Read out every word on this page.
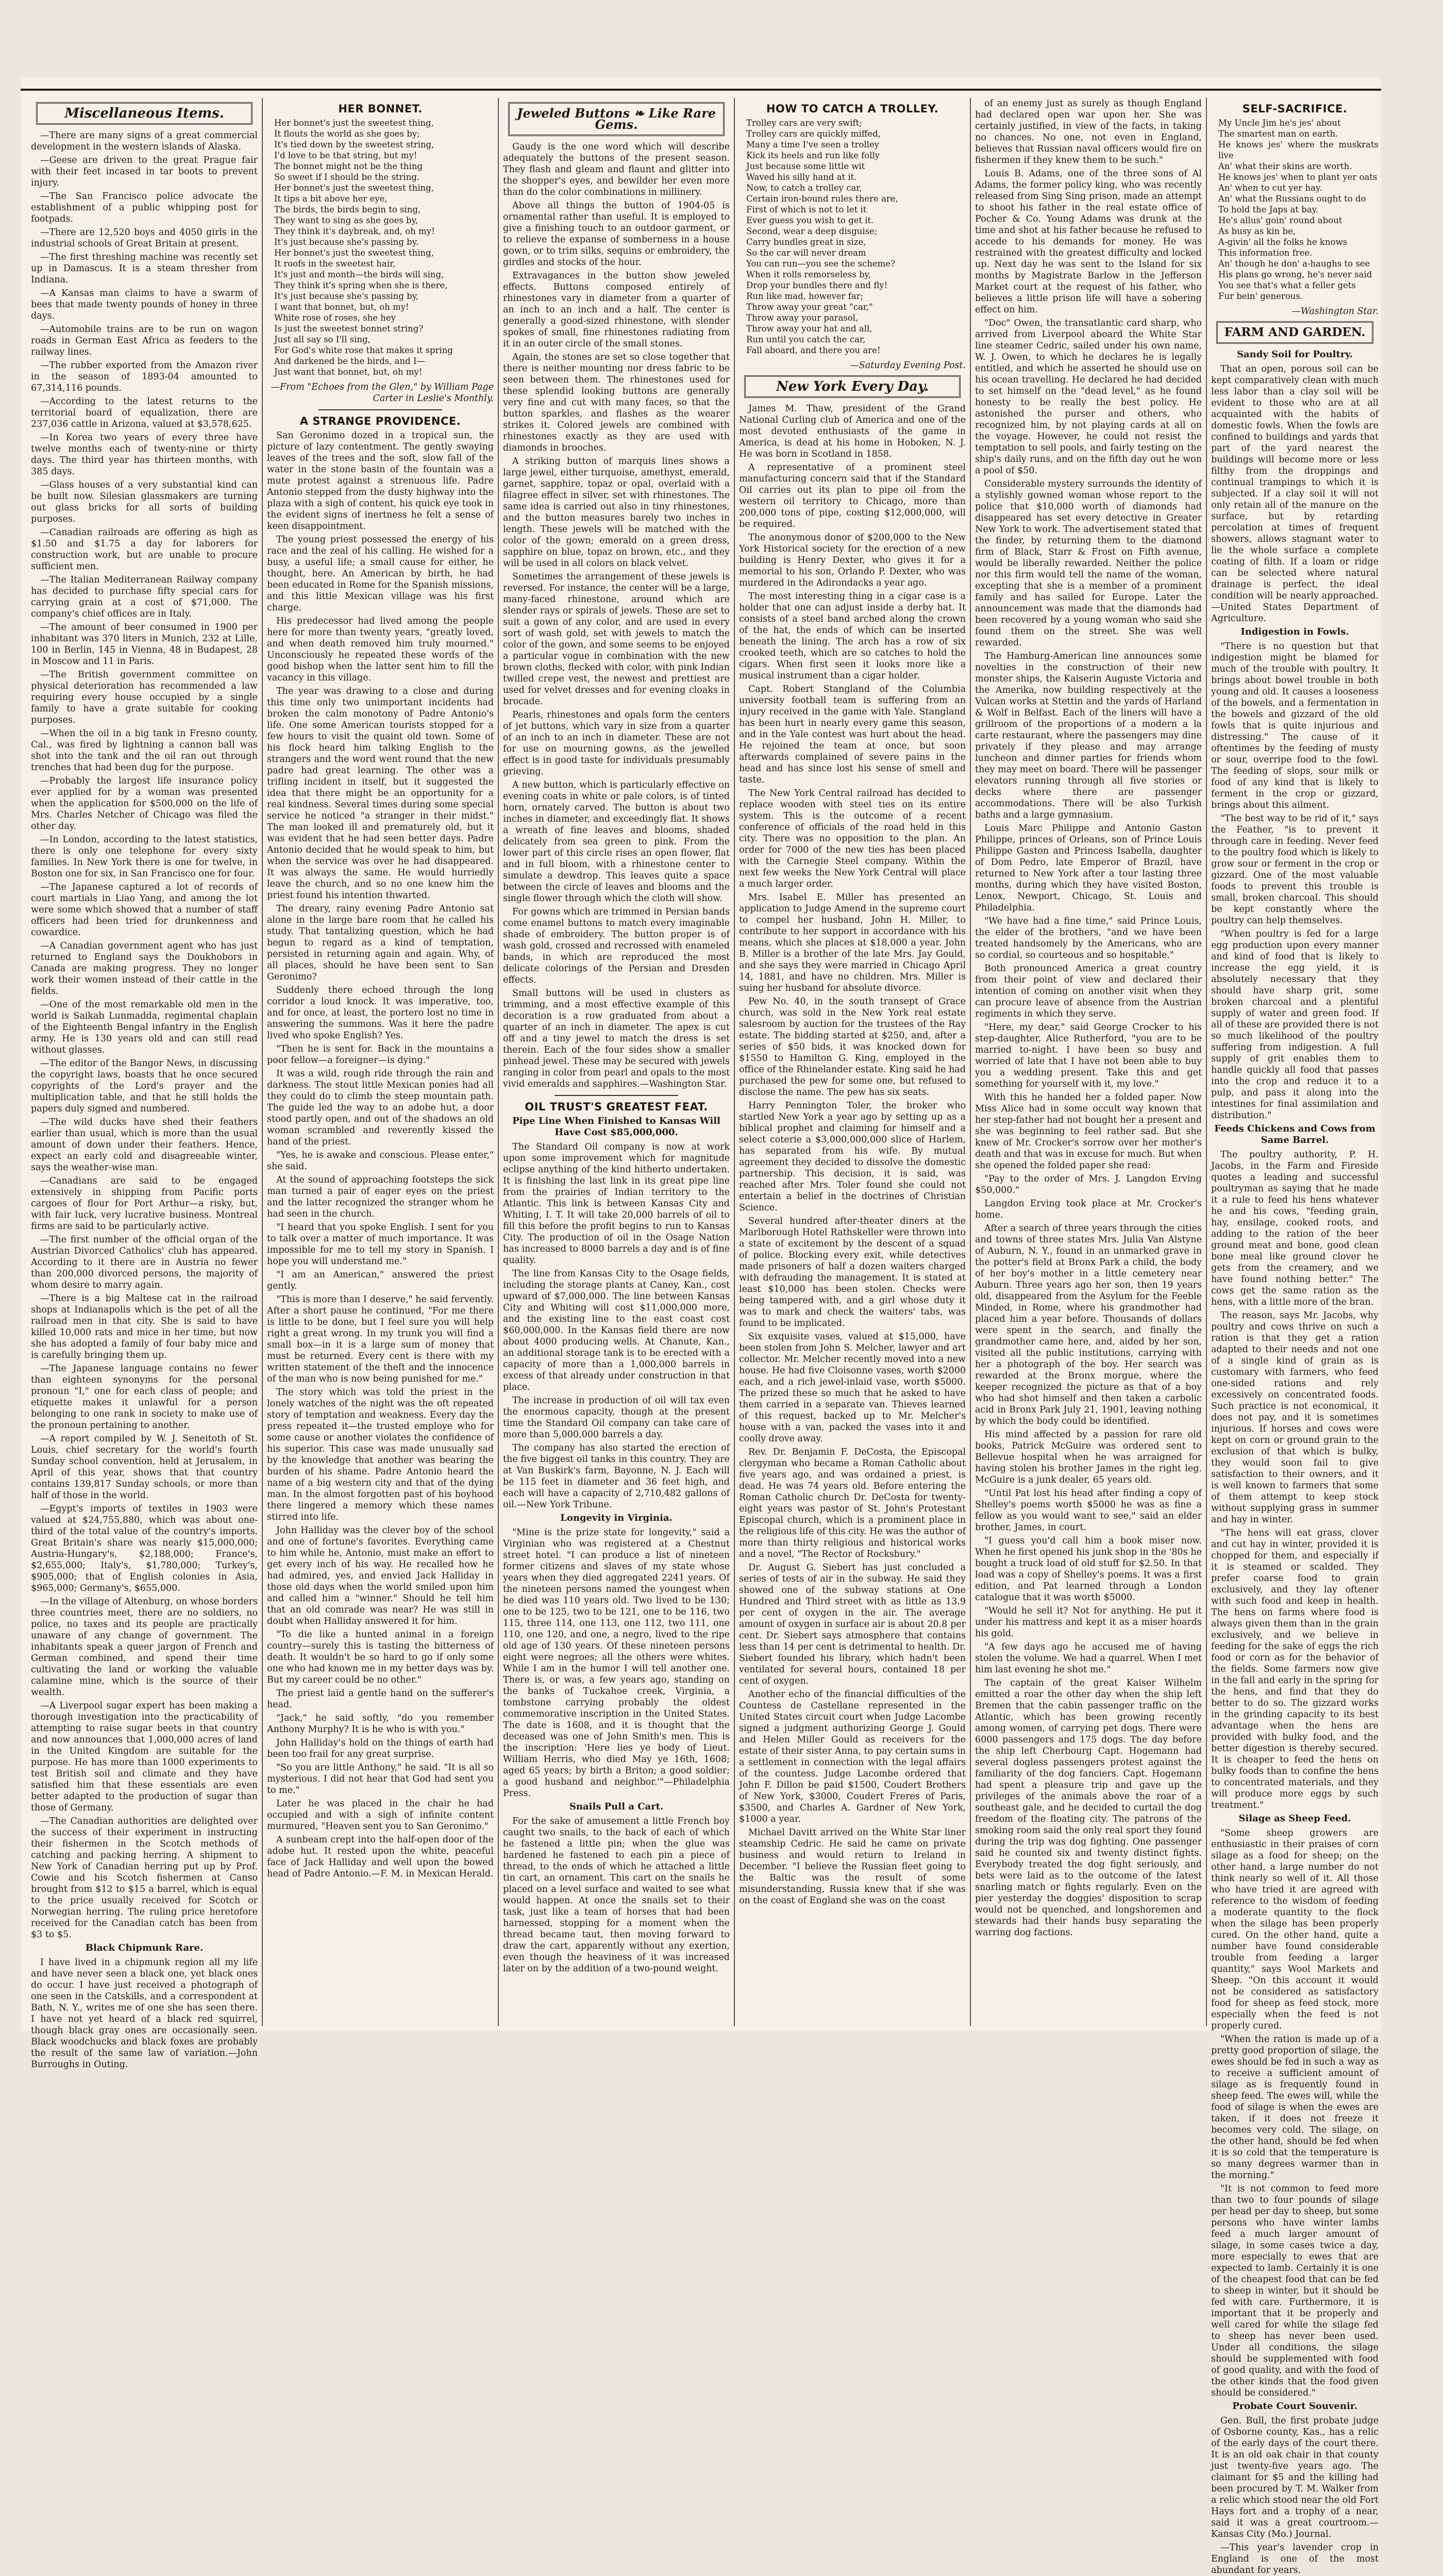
Miscellaneous Items.

—There are many signs of a great commercial development in the western islands of Alaska.

—Geese are driven to the great Prague fair with their feet incased in tar boots to prevent injury.

—The San Francisco police advocate the establishment of a public whipping post for footpads.

—There are 12,520 boys and 4050 girls in the industrial schools of Great Britain at present.

—The first threshing machine was recently set up in Damascus. It is a steam thresher from Indiana.

—A Kansas man claims to have a swarm of bees that made twenty pounds of honey in three days.

—Automobile trains are to be run on wagon roads in German East Africa as feeders to the railway lines.

—The rubber exported from the Amazon river in the season of 1893-04 amounted to 67,314,116 pounds.

—According to the latest returns to the territorial board of equalization, there are 237,036 cattle in Arizona, valued at $3,578,625.

—In Korea two years of every three have twelve months each of twenty-nine or thirty days. The third year has thirteen months, with 385 days.

—Glass houses of a very substantial kind can be built now. Silesian glassmakers are turning out glass bricks for all sorts of building purposes.

—Canadian railroads are offering as high as $1.50 and $1.75 a day for laborers for construction work, but are unable to procure sufficient men.

—The Italian Mediterranean Railway company has decided to purchase fifty special cars for carrying grain at a cost of $71,000. The company's chief offices are in Italy.

—The amount of beer consumed in 1900 per inhabitant was 370 liters in Munich, 232 at Lille, 100 in Berlin, 145 in Vienna, 48 in Budapest, 28 in Moscow and 11 in Paris.

—The British government committee on physical deterioration has recommended a law requiring every house occupied by a single family to have a grate suitable for cooking purposes.

—When the oil in a big tank in Fresno county, Cal., was fired by lightning a cannon ball was shot into the tank and the oil ran out through trenches that had been dug for the purpose.

—Probably the largest life insurance policy ever applied for by a woman was presented when the application for $500,000 on the life of Mrs. Charles Netcher of Chicago was filed the other day.

—In London, according to the latest statistics, there is only one telephone for every sixty families. In New York there is one for twelve, in Boston one for six, in San Francisco one for four.

—The Japanese captured a lot of records of court martials in Liao Yang, and among the lot were some which showed that a number of staff officers had been tried for drunkenness and cowardice.

—A Canadian government agent who has just returned to England says the Doukhobors in Canada are making progress. They no longer work their women instead of their cattle in the fields.

—One of the most remarkable old men in the world is Saikab Lunmadda, regimental chaplain of the Eighteenth Bengal infantry in the English army. He is 130 years old and can still read without glasses.

—The editor of the Bangor News, in discussing the copyright laws, boasts that he once secured copyrights of the Lord's prayer and the multiplication table, and that he still holds the papers duly signed and numbered.

—The wild ducks have shed their feathers earlier than usual, which is more than the usual amount of down under their feathers. Hence, expect an early cold and disagreeable winter, says the weather-wise man.

—Canadians are said to be engaged extensively in shipping from Pacific ports cargoes of flour for Port Arthur—a risky, but, with fair luck, very lucrative business. Montreal firms are said to be particularly active.

—The first number of the official organ of the Austrian Divorced Catholics' club has appeared. According to it there are in Austria no fewer than 200,000 divorced persons, the majority of whom desire to marry again.

—There is a big Maltese cat in the railroad shops at Indianapolis which is the pet of all the railroad men in that city. She is said to have killed 10,000 rats and mice in her time, but now she has adopted a family of four baby mice and is carefully bringing them up.

—The Japanese language contains no fewer than eighteen synonyms for the personal pronoun "I," one for each class of people; and etiquette makes it unlawful for a person belonging to one rank in society to make use of the pronoun pertaining to another.

—A report compiled by W. J. Seneitoth of St. Louis, chief secretary for the world's fourth Sunday school convention, held at Jerusalem, in April of this year, shows that that country contains 139,817 Sunday schools, or more than half of those in the world.

—Egypt's imports of textiles in 1903 were valued at $24,755,880, which was about one-third of the total value of the country's imports. Great Britain's share was nearly $15,000,000; Austria-Hungary's, $2,188,000; France's, $2,655,000; Italy's, $1,780,000; Turkey's, $905,000; that of English colonies in Asia, $965,000; Germany's, $655,000.

—In the village of Altenburg, on whose borders three countries meet, there are no soldiers, no police, no taxes and its people are practically unaware of any change of government. The inhabitants speak a queer jargon of French and German combined, and spend their time cultivating the land or working the valuable calamine mine, which is the source of their wealth.

—A Liverpool sugar expert has been making a thorough investigation into the practicability of attempting to raise sugar beets in that country and now announces that 1,000,000 acres of land in the United Kingdom are suitable for the purpose. He has more than 1000 experiments to test British soil and climate and they have satisfied him that these essentials are even better adapted to the production of sugar than those of Germany.

—The Canadian authorities are delighted over the success of their experiment in instructing their fishermen in the Scotch methods of catching and packing herring. A shipment to New York of Canadian herring put up by Prof. Cowie and his Scotch fishermen at Canso brought from $12 to $15 a barrel, which is equal to the price usually received for Scotch or Norwegian herring. The ruling price heretofore received for the Canadian catch has been from $3 to $5.

Black Chipmunk Rare.

I have lived in a chipmunk region all my life and have never seen a black one, yet black ones do occur. I have just received a photograph of one seen in the Catskills, and a correspondent at Bath, N. Y., writes me of one she has seen there. I have not yet heard of a black red squirrel, though black gray ones are occasionally seen. Black woodchucks and black foxes are probably the result of the same law of variation.—John Burroughs in Outing.

HER BONNET.
Her bonnet's just the sweetest thing,
It flouts the world as she goes by;
It's tied down by the sweetest string,
I'd love to be that string, but my!
The bonnet might not be the thing
So sweet if I should be the string.
Her bonnet's just the sweetest thing,
It tips a bit above her eye,
The birds, the birds begin to sing,
They want to sing as she goes by,
They think it's daybreak, and, oh my!
It's just because she's passing by.
Her bonnet's just the sweetest thing,
It roofs in the sweetest hair,
It's just and month—the birds will sing,
They think it's spring when she is there,
It's just because she's passing by,
I want that bonnet, but, oh my!
White rose of roses, she hey
Is just the sweetest bonnet string?
Just all say so I'll sing,
For God's white rose that makes it spring
And darkened be the birds, and I—
Just want that bonnet, but, oh my!
—From "Echoes from the Glen," by William Page Carter in Leslie's Monthly.
A STRANGE PROVIDENCE.

San Geronimo dozed in a tropical sun, the picture of lazy contentment. The gently swaying leaves of the trees and the soft, slow fall of the water in the stone basin of the fountain was a mute protest against a strenuous life. Padre Antonio stepped from the dusty highway into the plaza with a sigh of content, his quick eye took in the evident signs of inertness he felt a sense of keen disappointment.

The young priest possessed the energy of his race and the zeal of his calling. He wished for a busy, a useful life; a small cause for either, he thought, here. An American by birth, he had been educated in Rome for the Spanish missions, and this little Mexican village was his first charge.

His predecessor had lived among the people here for more than twenty years, "greatly loved, and when death removed him truly mourned." Unconsciously he repeated these words of the good bishop when the latter sent him to fill the vacancy in this village.

The year was drawing to a close and during this time only two unimportant incidents had broken the calm monotony of Padre Antonio's life. One some American tourists stopped for a few hours to visit the quaint old town. Some of his flock heard him talking English to the strangers and the word went round that the new padre had great learning. The other was a trifling incident in itself, but it suggested the idea that there might be an opportunity for a real kindness. Several times during some special service he noticed "a stranger in their midst." The man looked ill and prematurely old, but it was evident that he had seen better days. Padre Antonio decided that he would speak to him, but when the service was over he had disappeared. It was always the same. He would hurriedly leave the church, and so no one knew him the priest found his intention thwarted.

The dreary, rainy evening Padre Antonio sat alone in the large bare room that he called his study. That tantalizing question, which he had begun to regard as a kind of temptation, persisted in returning again and again. Why, of all places, should he have been sent to San Geronimo?

Suddenly there echoed through the long corridor a loud knock. It was imperative, too, and for once, at least, the portero lost no time in answering the summons. Was it here the padre lived who spoke English? Yes.

"Then he is sent for. Back in the mountains a poor fellow—a foreigner—is dying."

It was a wild, rough ride through the rain and darkness. The stout little Mexican ponies had all they could do to climb the steep mountain path. The guide led the way to an adobe hut, a door stood partly open, and out of the shadows an old woman scrambled and reverently kissed the hand of the priest.

"Yes, he is awake and conscious. Please enter," she said.

At the sound of approaching footsteps the sick man turned a pair of eager eyes on the priest and the latter recognized the stranger whom he had seen in the church.

"I heard that you spoke English. I sent for you to talk over a matter of much importance. It was impossible for me to tell my story in Spanish. I hope you will understand me."

"I am an American," answered the priest gently.

"This is more than I deserve," he said fervently. After a short pause he continued, "For me there is little to be done, but I feel sure you will help right a great wrong. In my trunk you will find a small box—in it is a large sum of money that must be returned. Every cent is there with my written statement of the theft and the innocence of the man who is now being punished for me."

The story which was told the priest in the lonely watches of the night was the oft repeated story of temptation and weakness. Every day the press repeated it—the trusted employe who for some cause or another violates the confidence of his superior. This case was made unusually sad by the knowledge that another was bearing the burden of his shame. Padre Antonio heard the name of a big western city and that of the dying man. In the almost forgotten past of his boyhood there lingered a memory which these names stirred into life.

John Halliday was the clever boy of the school and one of fortune's favorites. Everything came to him while he, Antonio, must make an effort to get every inch of his way. He recalled how he had admired, yes, and envied Jack Halliday in those old days when the world smiled upon him and called him a "winner." Should he tell him that an old comrade was near? He was still in doubt when Halliday answered it for him.

"To die like a hunted animal in a foreign country—surely this is tasting the bitterness of death. It wouldn't be so hard to go if only some one who had known me in my better days was by. But my career could be no other."

The priest laid a gentle hand on the sufferer's head.

"Jack," he said softly, "do you remember Anthony Murphy? It is he who is with you."

John Halliday's hold on the things of earth had been too frail for any great surprise.

"So you are little Anthony," he said. "It is all so mysterious. I did not hear that God had sent you to me."

Later he was placed in the chair he had occupied and with a sigh of infinite content murmured, "Heaven sent you to San Geronimo."

A sunbeam crept into the half-open door of the adobe hut. It rested upon the white, peaceful face of Jack Halliday and well upon the bowed head of Padre Antonio.—F. M. in Mexican Herald.

Jeweled Buttons ❧ Like Rare Gems.

Gaudy is the one word which will describe adequately the buttons of the present season. They flash and gleam and flaunt and glitter into the shopper's eyes, and bewilder her even more than do the color combinations in millinery.

Above all things the button of 1904-05 is ornamental rather than useful. It is employed to give a finishing touch to an outdoor garment, or to relieve the expanse of somberness in a house gown, or to trim silks, sequins or embroidery, the girdles and stocks of the hour.

Extravagances in the button show jeweled effects. Buttons composed entirely of rhinestones vary in diameter from a quarter of an inch to an inch and a half. The center is generally a good-sized rhinestone, with slender spokes of small, fine rhinestones radiating from it in an outer circle of the small stones.

Again, the stones are set so close together that there is neither mounting nor dress fabric to be seen between them. The rhinestones used for these splendid looking buttons are generally very fine and cut with many faces, so that the button sparkles, and flashes as the wearer strikes it. Colored jewels are combined with rhinestones exactly as they are used with diamonds in brooches.

A striking button of marquis lines shows a large jewel, either turquoise, amethyst, emerald, garnet, sapphire, topaz or opal, overlaid with a filagree effect in silver, set with rhinestones. The same idea is carried out also in tiny rhinestones, and the button measures barely two inches in length. These jewels will be matched with the color of the gown; emerald on a green dress, sapphire on blue, topaz on brown, etc., and they will be used in all colors on black velvet.

Sometimes the arrangement of these jewels is reversed. For instance, the center will be a large, many-faced rhinestone, around which are slender rays or spirals of jewels. These are set to suit a gown of any color, and are used in every sort of wash gold, set with jewels to match the color of the gown, and some seems to be enjoyed a particular vogue in combination with the new brown cloths, flecked with color, with pink Indian twilled crepe vest, the newest and prettiest are used for velvet dresses and for evening cloaks in brocade.

Pearls, rhinestones and opals form the centers of jet buttons, which vary in size from a quarter of an inch to an inch in diameter. These are not for use on mourning gowns, as the jewelled effect is in good taste for individuals presumably grieving.

A new button, which is particularly effective on evening coats in white or pale colors, is of tinted horn, ornately carved. The button is about two inches in diameter, and exceedingly flat. It shows a wreath of fine leaves and blooms, shaded delicately from sea green to pink. From the lower part of this circle rises an open flower, flat and in full bloom, with a rhinestone center to simulate a dewdrop. This leaves quite a space between the circle of leaves and blooms and the single flower through which the cloth will show.

For gowns which are trimmed in Persian bands come enamel buttons to match every imaginable shade of embroidery. The button proper is of wash gold, crossed and recrossed with enameled bands, in which are reproduced the most delicate colorings of the Persian and Dresden effects.

Small buttons will be used in clusters as trimming, and a most effective example of this decoration is a row graduated from about a quarter of an inch in diameter. The apex is cut off and a tiny jewel to match the dress is set therein. Each of the four sides show a smaller pinhead jewel. These may be secured with jewels ranging in color from pearl and opals to the most vivid emeralds and sapphires.—Washington Star.

OIL TRUST'S GREATEST FEAT.
Pipe Line When Finished to Kansas Will Have Cost $85,000,000.

The Standard Oil company is now at work upon some improvement which for magnitude eclipse anything of the kind hitherto undertaken. It is finishing the last link in its great pipe line from the prairies of Indian territory to the Atlantic. This link is between Kansas City and Whiting, I. T. It will take 20,000 barrels of oil to fill this before the profit begins to run to Kansas City. The production of oil in the Osage Nation has increased to 8000 barrels a day and is of fine quality.

The line from Kansas City to the Osage fields, including the storage plants at Caney, Kan., cost upward of $7,000,000. The line between Kansas City and Whiting will cost $11,000,000 more, and the existing line to the east coast cost $60,000,000. In the Kansas field there are now about 4000 producing wells. At Chanute, Kan., an additional storage tank is to be erected with a capacity of more than a 1,000,000 barrels in excess of that already under construction in that place.

The increase in production of oil will tax even the enormous capacity, though at the present time the Standard Oil company can take care of more than 5,000,000 barrels a day.

The company has also started the erection of the five biggest oil tanks in this country. They are at Van Buskirk's farm, Bayonne, N. J. Each will be 115 feet in diameter and 36 feet high, and each will have a capacity of 2,710,482 gallons of oil.—New York Tribune.

Longevity in Virginia.

"Mine is the prize state for longevity," said a Virginian who was registered at a Chestnut street hotel. "I can produce a list of nineteen former citizens and slaves of my state whose years when they died aggregated 2241 years. Of the nineteen persons named the youngest when he died was 110 years old. Two lived to be 130; one to be 125, two to be 121, one to be 116, two 115, three 114, one 113, one 112, two 111, one 110, one 120, and one, a negro, lived to the ripe old age of 130 years. Of these nineteen persons eight were negroes; all the others were whites. While I am in the humor I will tell another one. There is, or was, a few years ago, standing on the banks of Tuckahoe creek, Virginia, a tombstone carrying probably the oldest commemorative inscription in the United States. The date is 1608, and it is thought that the deceased was one of John Smith's men. This is the inscription: 'Here lies ye body of Lieut. William Herris, who died May ye 16th, 1608; aged 65 years; by birth a Briton; a good soldier; a good husband and neighbor.'"—Philadelphia Press.

Snails Pull a Cart.

For the sake of amusement a little French boy caught two snails, to the back of each of which he fastened a little pin; when the glue was hardened he fastened to each pin a piece of thread, to the ends of which he attached a little tin cart, an ornament. This cart on the snails he placed on a level surface and waited to see what would happen. At once the snails set to their task, just like a team of horses that had been harnessed, stopping for a moment when the thread became taut, then moving forward to draw the cart, apparently without any exertion, even though the heaviness of it was increased later on by the addition of a two-pound weight.

HOW TO CATCH A TROLLEY.
Trolley cars are very swift;
Trolley cars are quickly miffed,
Many a time I've seen a trolley
Kick its heels and run like folly
Just because some little wit
Waved his silly hand at it.
Now, to catch a trolley car,
Certain iron-bound rules there are,
First of which is not to let it
Ever guess you wish to get it.
Second, wear a deep disguise;
Carry bundles great in size,
So the car will never dream
You can run—you see the scheme?
When it rolls remorseless by,
Drop your bundles there and fly!
Run like mad, however far;
Throw away your great "car,"
Throw away your parasol,
Throw away your hat and all,
Run until you catch the car,
Fall aboard, and there you are!
—Saturday Evening Post.
New York Every Day.

James M. Thaw, president of the Grand National Curling club of America and one of the most devoted enthusiasts of the game in America, is dead at his home in Hoboken, N. J. He was born in Scotland in 1858.

A representative of a prominent steel manufacturing concern said that if the Standard Oil carries out its plan to pipe oil from the western oil territory to Chicago, more than 200,000 tons of pipe, costing $12,000,000, will be required.

The anonymous donor of $200,000 to the New York Historical society for the erection of a new building is Henry Dexter, who gives it for a memorial to his son, Orlando P. Dexter, who was murdered in the Adirondacks a year ago.

The most interesting thing in a cigar case is a holder that one can adjust inside a derby hat. It consists of a steel band arched along the crown of the hat, the ends of which can be inserted beneath the lining. The arch has a row of six crooked teeth, which are so catches to hold the cigars. When first seen it looks more like a musical instrument than a cigar holder.

Capt. Robert Stangland of the Columbia university football team is suffering from an injury received in the game with Yale. Stangland has been hurt in nearly every game this season, and in the Yale contest was hurt about the head. He rejoined the team at once, but soon afterwards complained of severe pains in the head and has since lost his sense of smell and taste.

The New York Central railroad has decided to replace wooden with steel ties on its entire system. This is the outcome of a recent conference of officials of the road held in this city. There was no opposition to the plan. An order for 7000 of the new ties has been placed with the Carnegie Steel company. Within the next few weeks the New York Central will place a much larger order.

Mrs. Isabel E. Miller has presented an application to Judge Amend in the supreme court to compel her husband, John H. Miller, to contribute to her support in accordance with his means, which she places at $18,000 a year. John B. Miller is a brother of the late Mrs. Jay Gould, and she says they were married in Chicago April 14, 1881, and have no children. Mrs. Miller is suing her husband for absolute divorce.

Pew No. 40, in the south transept of Grace church, was sold in the New York real estate salesroom by auction for the trustees of the Ray estate. The bidding started at $250, and, after a series of $50 bids, it was knocked down for $1550 to Hamilton G. King, employed in the office of the Rhinelander estate. King said he had purchased the pew for some one, but refused to disclose the name. The pew has six seats.

Harry Pennington Toler, the broker who startled New York a year ago by setting up as a biblical prophet and claiming for himself and a select coterie a $3,000,000,000 slice of Harlem, has separated from his wife. By mutual agreement they decided to dissolve the domestic partnership. This decision, it is said, was reached after Mrs. Toler found she could not entertain a belief in the doctrines of Christian Science.

Several hundred after-theater diners at the Marlborough Hotel Rathskeller were thrown into a state of excitement by the descent of a squad of police. Blocking every exit, while detectives made prisoners of half a dozen waiters charged with defrauding the management. It is stated at least $10,000 has been stolen. Checks were being tampered with, and a girl whose duty it was to mark and check the waiters' tabs, was found to be implicated.

Six exquisite vases, valued at $15,000, have been stolen from John S. Melcher, lawyer and art collector. Mr. Melcher recently moved into a new house. He had five Cloisonne vases, worth $2000 each, and a rich jewel-inlaid vase, worth $5000. The prized these so much that he asked to have them carried in a separate van. Thieves learned of this request, backed up to Mr. Melcher's house with a van, packed the vases into it and coolly drove away.

Rev. Dr. Benjamin F. DeCosta, the Episcopal clergyman who became a Roman Catholic about five years ago, and was ordained a priest, is dead. He was 74 years old. Before entering the Roman Catholic church Dr. DeCosta for twenty-eight years was pastor of St. John's Protestant Episcopal church, which is a prominent place in the religious life of this city. He was the author of more than thirty religious and historical works and a novel, "The Rector of Rocksbury."

Dr. August G. Siebert has just concluded a series of tests of air in the subway. He said they showed one of the subway stations at One Hundred and Third street with as little as 13.9 per cent of oxygen in the air. The average amount of oxygen in surface air is about 20.8 per cent. Dr. Siebert says atmosphere that contains less than 14 per cent is detrimental to health. Dr. Siebert founded his library, which hadn't been ventilated for several hours, contained 18 per cent of oxygen.

Another echo of the financial difficulties of the Countess de Castellane represented in the United States circuit court when Judge Lacombe signed a judgment authorizing George J. Gould and Helen Miller Gould as receivers for the estate of their sister Anna, to pay certain sums in a settlement in connection with the legal affairs of the countess. Judge Lacombe ordered that John F. Dillon be paid $1500, Coudert Brothers of New York, $3000, Coudert Freres of Paris, $3500, and Charles A. Gardner of New York, $1000 a year.

Michael Davitt arrived on the White Star liner steamship Cedric. He said he came on private business and would return to Ireland in December. "I believe the Russian fleet going to the Baltic was the result of some misunderstanding, Russia knew that if she was on the coast of England she was on the coast

of an enemy just as surely as though England had declared open war upon her. She was certainly justified, in view of the facts, in taking no chances. No one, not even in England, believes that Russian naval officers would fire on fishermen if they knew them to be such."

Louis B. Adams, one of the three sons of Al Adams, the former policy king, who was recently released from Sing Sing prison, made an attempt to shoot his father in the real estate office of Pocher & Co. Young Adams was drunk at the time and shot at his father because he refused to accede to his demands for money. He was restrained with the greatest difficulty and locked up. Next day he was sent to the Island for six months by Magistrate Barlow in the Jefferson Market court at the request of his father, who believes a little prison life will have a sobering effect on him.

"Doc" Owen, the transatlantic card sharp, who arrived from Liverpool aboard the White Star line steamer Cedric, sailed under his own name, W. J. Owen, to which he declares he is legally entitled, and which he asserted he should use on his ocean travelling. He declared he had decided to set himself on the "dead level," as he found honesty to be really the best policy. He astonished the purser and others, who recognized him, by not playing cards at all on the voyage. However, he could not resist the temptation to sell pools, and fairly testing on the ship's daily runs, and on the fifth day out he won a pool of $50.

Considerable mystery surrounds the identity of a stylishly gowned woman whose report to the police that $10,000 worth of diamonds had disappeared has set every detective in Greater New York to work. The advertisement stated that the finder, by returning them to the diamond firm of Black, Starr & Frost on Fifth avenue, would be liberally rewarded. Neither the police nor this firm would tell the name of the woman, excepting that she is a member of a prominent family and has sailed for Europe. Later the announcement was made that the diamonds had been recovered by a young woman who said she found them on the street. She was well rewarded.

The Hamburg-American line announces some novelties in the construction of their new monster ships, the Kaiserin Auguste Victoria and the Amerika, now building respectively at the Vulcan works at Stettin and the yards of Harland & Wolf in Belfast. Each of the liners will have a grillroom of the proportions of a modern a la carte restaurant, where the passengers may dine privately if they please and may arrange luncheon and dinner parties for friends whom they may meet on board. There will be passenger elevators running through all five stories or decks where there are passenger accommodations. There will be also Turkish baths and a large gymnasium.

Louis Marc Philippe and Antonio Gaston Philippe, princes of Orleans, son of Prince Louis Philippe Gaston and Princess Isabella, daughter of Dom Pedro, late Emperor of Brazil, have returned to New York after a tour lasting three months, during which they have visited Boston, Lenox, Newport, Chicago, St. Louis and Philadelphia.

"We have had a fine time," said Prince Louis, the elder of the brothers, "and we have been treated handsomely by the Americans, who are so cordial, so courteous and so hospitable."

Both pronounced America a great country from their point of view and declared their intention of coming on another visit when they can procure leave of absence from the Austrian regiments in which they serve.

"Here, my dear," said George Crocker to his step-daughter, Alice Rutherford, "you are to be married to-night. I have been so busy and worried of late that I have not been able to buy you a wedding present. Take this and get something for yourself with it, my love."

With this he handed her a folded paper. Now Miss Alice had in some occult way known that her step-father had not bought her a present and she was beginning to feel rather sad. But she knew of Mr. Crocker's sorrow over her mother's death and that was in excuse for much. But when she opened the folded paper she read:

"Pay to the order of Mrs. J. Langdon Erving $50,000."

Langdon Erving took place at Mr. Crocker's home.

After a search of three years through the cities and towns of three states Mrs. Julia Van Alstyne of Auburn, N. Y., found in an unmarked grave in the potter's field at Bronx Park a child, the body of her boy's mother in a little cemetery near Auburn. Three years ago her son, then 19 years old, disappeared from the Asylum for the Feeble Minded, in Rome, where his grandmother had placed him a year before. Thousands of dollars were spent in the search, and finally the grandmother came here, and, aided by her son, visited all the public institutions, carrying with her a photograph of the boy. Her search was rewarded at the Bronx morgue, where the keeper recognized the picture as that of a boy who had shot himself and then taken a carbolic acid in Bronx Park July 21, 1901, leaving nothing by which the body could be identified.

His mind affected by a passion for rare old books, Patrick McGuire was ordered sent to Bellevue hospital when he was arraigned for having stolen his brother James in the right leg. McGuire is a junk dealer, 65 years old.

"Until Pat lost his head after finding a copy of Shelley's poems worth $5000 he was as fine a fellow as you would want to see," said an elder brother, James, in court.

"I guess you'd call him a book miser now. When he first opened his junk shop in the '80s he bought a truck load of old stuff for $2.50. In that load was a copy of Shelley's poems. It was a first edition, and Pat learned through a London catalogue that it was worth $5000.

"Would he sell it? Not for anything. He put it under his mattress and kept it as a miser hoards his gold.

"A few days ago he accused me of having stolen the volume. We had a quarrel. When I met him last evening he shot me."

The captain of the great Kaiser Wilhelm emitted a roar the other day when the ship left Bremen that the cabin passenger traffic on the Atlantic, which has been growing recently among women, of carrying pet dogs. There were 6000 passengers and 175 dogs. The day before the ship left Cherbourg Capt. Hogemann had several dogless passengers protest against the familiarity of the dog fanciers. Capt. Hogemann had spent a pleasure trip and gave up the privileges of the animals above the roar of a southeast gale, and he decided to curtail the dog freedom of the floating city. The patrons of the smoking room said the only real sport they found during the trip was dog fighting. One passenger said he counted six and twenty distinct fights. Everybody treated the dog fight seriously, and bets were laid as to the outcome of the latest snarling match or fights regularly. Even on the pier yesterday the doggies' disposition to scrap would not be quenched, and longshoremen and stewards had their hands busy separating the warring dog factions.

SELF-SACRIFICE.
My Uncle Jim he's jes' about
The smartest man on earth.
He knows jes' where the muskrats live
An' what their skins are worth.
He knows jes' when to plant yer oats
An' when to cut yer hay.
An' what the Russians ought to do
To hold the Japs at bay.
He's allus' goin' round about
As busy as kin be,
A-givin' all the folks he knows
This information free.
An' though he don' a-haughs to see
His plans go wrong, he's never said
You see that's what a feller gets
Fur bein' generous.
—Washington Star.
FARM AND GARDEN.
Sandy Soil for Poultry.

That an open, porous soil can be kept comparatively clean with much less labor than a clay soil will be evident to those who are at all acquainted with the habits of domestic fowls. When the fowls are confined to buildings and yards that part of the yard nearest the buildings will become more or less filthy from the droppings and continual trampings to which it is subjected. If a clay soil it will not only retain all of the manure on the surface, but by retarding percolation at times of frequent showers, allows stagnant water to lie the whole surface a complete coating of filth. If a loam or ridge can be selected where natural drainage is perfect, the ideal condition will be nearly approached.—United States Department of Agriculture.

Indigestion in Fowls.

"There is no question but that indigestion might be blamed for much of the trouble with poultry. It brings about bowel trouble in both young and old. It causes a looseness of the bowels, and a fermentation in the bowels and gizzard of the old fowls that is quite injurious and distressing." The cause of it oftentimes by the feeding of musty or sour, overripe food to the fowl. The feeding of slops, sour milk or food of any kind that is likely to ferment in the crop or gizzard, brings about this ailment.

"The best way to be rid of it," says the Feather, "is to prevent it through care in feeding. Never feed to the poultry food which is likely to grow sour or ferment in the crop or gizzard. One of the most valuable foods to prevent this trouble is small, broken charcoal. This should be kept constantly where the poultry can help themselves.

"When poultry is fed for a large egg production upon every manner and kind of food that is likely to increase the egg yield, it is absolutely necessary that they should have sharp grit, some broken charcoal and a plentiful supply of water and green food. If all of these are provided there is not so much likelihood of the poultry suffering from indigestion. A full supply of grit enables them to handle quickly all food that passes into the crop and reduce it to a pulp, and pass it along into the intestines for final assimilation and distribution."

Feeds Chickens and Cows from Same Barrel.

The poultry authority, P. H. Jacobs, in the Farm and Fireside quotes a leading and successful poultryman as saying that he made it a rule to feed his hens whatever he and his cows, "feeding grain, hay, ensilage, cooked roots, and adding to the ration of the beer ground meat and bone, good clean bone meal like ground clover he gets from the creamery, and we have found nothing better." The cows get the same ration as the hens, with a little more of the bran.

The reason, says Mr. Jacobs, why poultry and cows thrive on such a ration is that they get a ration adapted to their needs and not one of a single kind of grain as is customary with farmers, who feed one-sided rations and rely excessively on concentrated foods. Such practice is not economical, it does not pay, and it is sometimes injurious. If horses and cows were kept on corn or ground grain to the exclusion of that which is bulky, they would soon fail to give satisfaction to their owners, and it is well known to farmers that some of them attempt to keep stock without supplying grass in summer and hay in winter.

"The hens will eat grass, clover and cut hay in winter, provided it is chopped for them, and especially if it is steamed or scalded. They prefer coarse food to grain exclusively, and they lay oftener with such food and keep in health. The hens on farms where food is always given them than in the grain exclusively, and we believe in feeding for the sake of eggs the rich food or corn as for the behavior of the fields. Some farmers now give in the fall and early in the spring for the hens, and find that they do better to do so. The gizzard works in the grinding capacity to its best advantage when the hens are provided with bulky food, and the better digestion is thereby secured. It is cheaper to feed the hens on bulky foods than to confine the hens to concentrated materials, and they will produce more eggs by such treatment."

Silage as Sheep Feed.

"Some sheep growers are enthusiastic in their praises of corn silage as a food for sheep; on the other hand, a large number do not think nearly so well of it. All those who have tried it are agreed with reference to the wisdom of feeding a moderate quantity to the flock when the silage has been properly cured. On the other hand, quite a number have found considerable trouble from feeding a larger quantity," says Wool Markets and Sheep. "On this account it would not be considered as satisfactory food for sheep as feed stock, more especially when the feed is not properly cured.

"When the ration is made up of a pretty good proportion of silage, the ewes should be fed in such a way as to receive a sufficient amount of silage as is frequently found in sheep feed. The ewes will, while the food of silage is when the ewes are taken, if it does not freeze it becomes very cold. The silage, on the other hand, should be fed when it is so cold that the temperature is so many degrees warmer than in the morning."

"It is not common to feed more than two to four pounds of silage per head per day to sheep, but some persons who have winter lambs feed a much larger amount of silage, in some cases twice a day, more especially to ewes that are expected to lamb. Certainly it is one of the cheapest food that can be fed to sheep in winter, but it should be fed with care. Furthermore, it is important that it be properly and well cared for while the silage fed to sheep has never been used. Under all conditions, the silage should be supplemented with food of good quality, and with the food of the other kinds that the food given should be considered."

Probate Court Souvenir.

Gen. Bull, the first probate judge of Osborne county, Kas., has a relic of the early days of the court there. It is an old oak chair in that county just twenty-five years ago. The claimant for $5 and the killing had been procured by T. M. Walker from a relic which stood near the old Fort Hays fort and a trophy of a near, said it was a great courtroom.—Kansas City (Mo.) Journal.

—This year's lavender crop in England is one of the most abundant for years.
